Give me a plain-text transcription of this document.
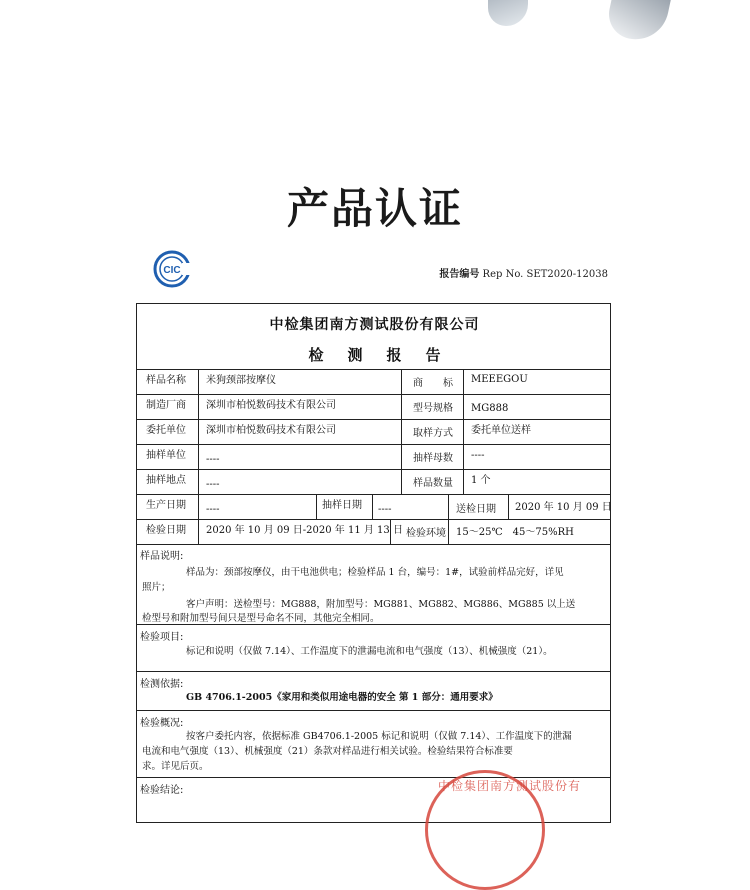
产品认证
CIC	报告编号 Rep No. SET2020-12038
中检集团南方测试股份有限公司
检 测 报 告
样品名称	米狗颈部按摩仪	商　　标	MEEEGOU
制造厂商	深圳市柏悦数码技术有限公司	型号规格	MG888
委托单位	深圳市柏悦数码技术有限公司	取样方式	委托单位送样
抽样单位	----	抽样母数	----
抽样地点	----	样品数量	1 个
生产日期	----	抽样日期	----	送检日期	2020 年 10 月 09 日
检验日期	2020 年 10 月 09 日-2020 年 11 月 13 日 检验环境	15～25℃　45～75%RH
样品说明:
样品为：颈部按摩仪，由干电池供电；检验样品 1 台，编号：1#，试验前样品完好，详见
照片；
客户声明：送检型号：MG888，附加型号：MG881、MG882、MG886、MG885 以上送
检型号和附加型号间只是型号命名不同，其他完全相同。
检验项目:
标记和说明（仅做 7.14）、工作温度下的泄漏电流和电气强度（13）、机械强度（21）。
检测依据:
GB 4706.1-2005《家用和类似用途电器的安全 第 1 部分：通用要求》
检验概况:
按客户委托内容，依据标准 GB4706.1-2005 标记和说明（仅做 7.14）、工作温度下的泄漏
电流和电气强度（13）、机械强度（21）条款对样品进行相关试验。检验结果符合标准要
求。详见后页。
检验结论:	中检集团南方测试股份有
